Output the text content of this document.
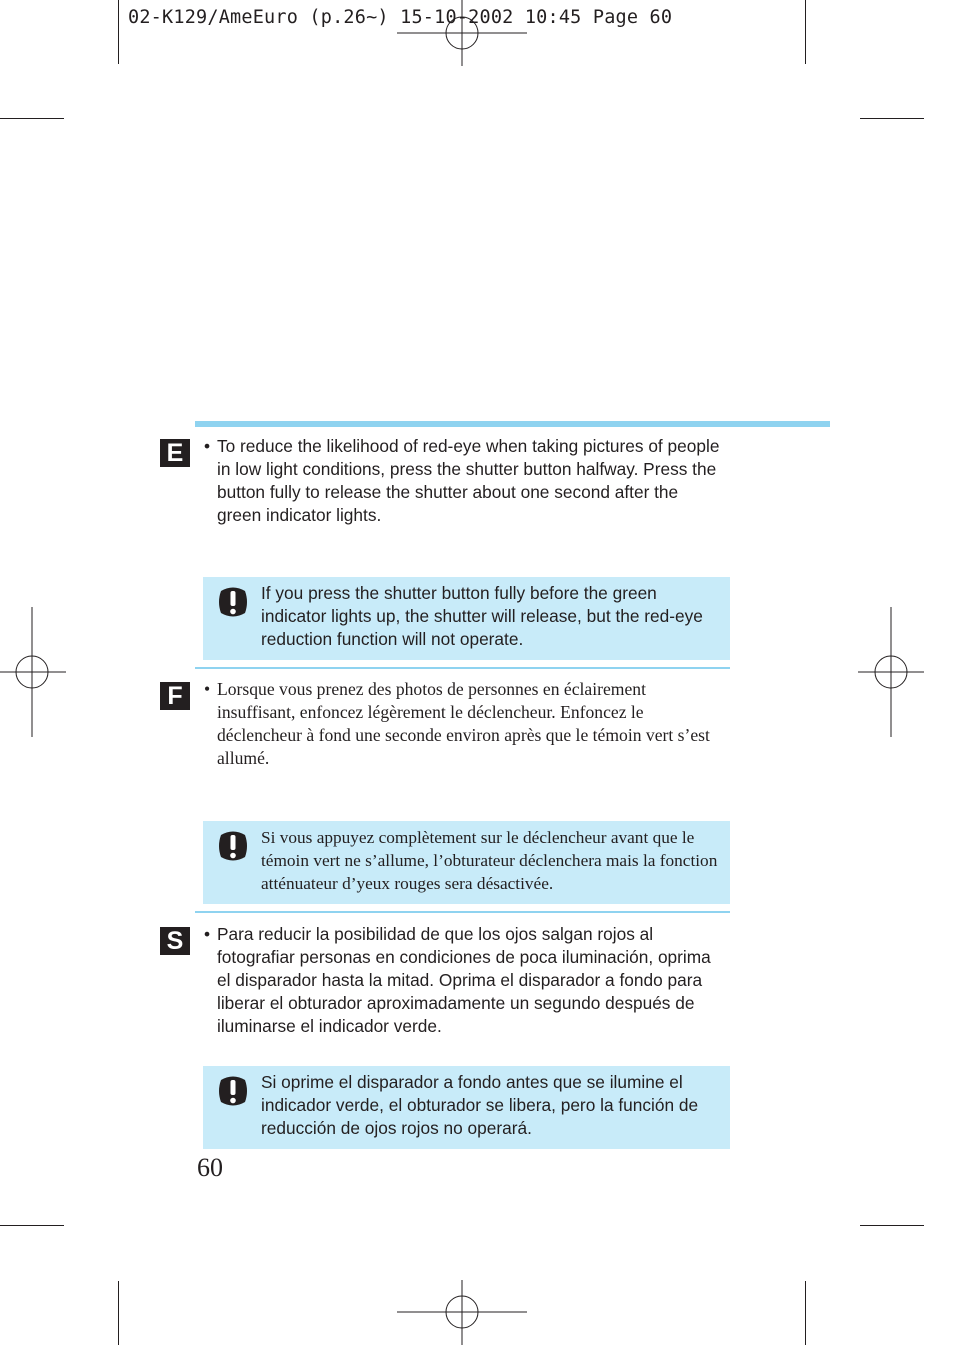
02-K129/AmeEuro (p.26~) 15-10-2002 10:45 Page 60
E	• To reduce the likelihood of red-eye when taking pictures of people in low light conditions, press the shutter button halfway. Press the button fully to release the shutter about one second after the green indicator lights.
If you press the shutter button fully before the green indicator lights up, the shutter will release, but the red-eye reduction function will not operate.
F	• Lorsque vous prenez des photos de personnes en éclairement insuffisant, enfoncez légèrement le déclencheur. Enfoncez le déclencheur à fond une seconde environ après que le témoin vert s’est allumé.
Si vous appuyez complètement sur le déclencheur avant que le témoin vert ne s’allume, l’obturateur déclenchera mais la fonction atténuateur d’yeux rouges sera désactivée.
S	• Para reducir la posibilidad de que los ojos salgan rojos al fotografiar personas en condiciones de poca iluminación, oprima el disparador hasta la mitad. Oprima el disparador a fondo para liberar el obturador aproximadamente un segundo después de iluminarse el indicador verde.
Si oprime el disparador a fondo antes que se ilumine el indicador verde, el obturador se libera, pero la función de reducción de ojos rojos no operará.
60
